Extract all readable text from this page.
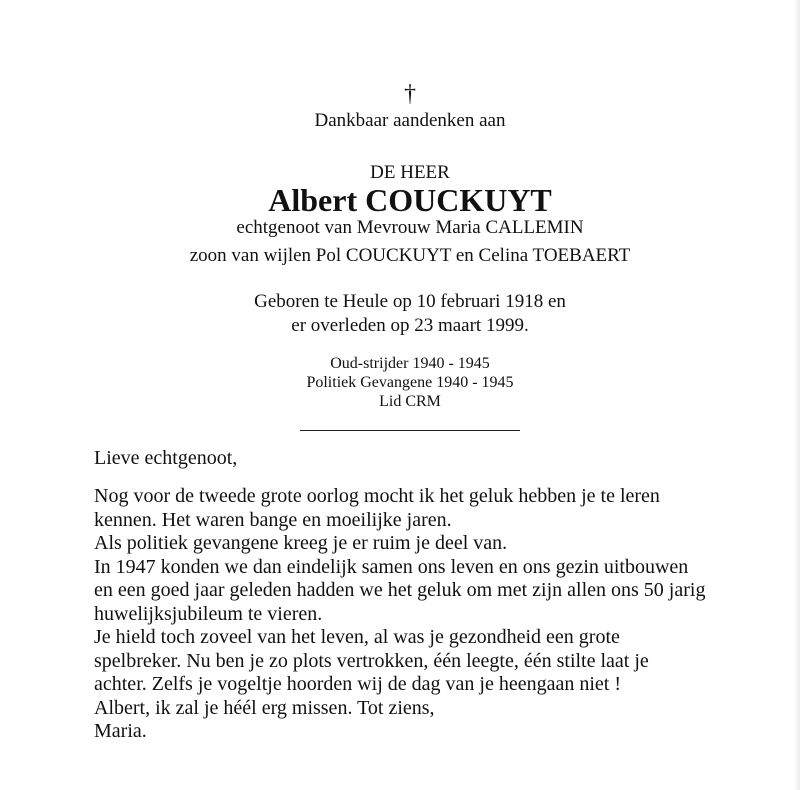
†
Dankbaar aandenken aan
DE HEER
Albert COUCKUYT
echtgenoot van Mevrouw Maria CALLEMIN
zoon van wijlen Pol COUCKUYT en Celina TOEBAERT
Geboren te Heule op 10 februari 1918 en
er overleden op 23 maart 1999.
Oud-strijder 1940 - 1945
Politiek Gevangene 1940 - 1945
Lid CRM
Lieve echtgenoot,
Nog voor de tweede grote oorlog mocht ik het geluk hebben je te leren
kennen. Het waren bange en moeilijke jaren.
Als politiek gevangene kreeg je er ruim je deel van.
In 1947 konden we dan eindelijk samen ons leven en ons gezin uitbouwen
en een goed jaar geleden hadden we het geluk om met zijn allen ons 50 jarig
huwelijksjubileum te vieren.
Je hield toch zoveel van het leven, al was je gezondheid een grote
spelbreker. Nu ben je zo plots vertrokken, één leegte, één stilte laat je
achter. Zelfs je vogeltje hoorden wij de dag van je heengaan niet !
Albert, ik zal je héél erg missen. Tot ziens,
Maria.
